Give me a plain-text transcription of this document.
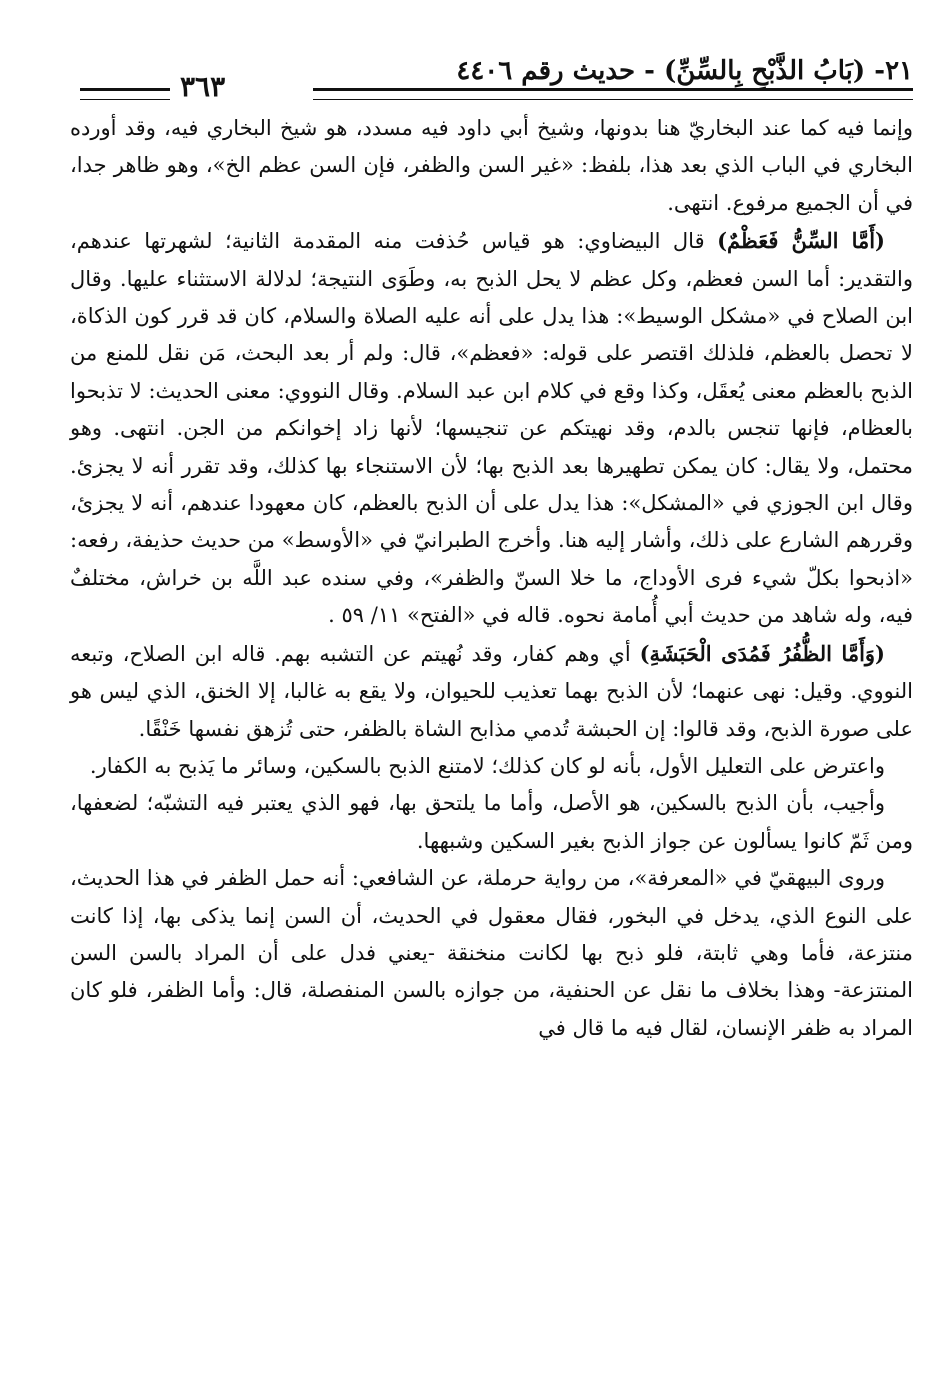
٢١- (بَابُ الذَّبْحِ بِالسِّنِّ) - حديث رقم ٤٤٠٦
٣٦٣

وإنما فيه كما عند البخاريّ هنا بدونها، وشيخ أبي داود فيه مسدد، هو شيخ البخاري فيه، وقد أورده البخاري في الباب الذي بعد هذا، بلفظ: «غير السن والظفر، فإن السن عظم الخ»، وهو ظاهر جدا، في أن الجميع مرفوع. انتهى.

(أَمَّا السِّنُّ فَعَظْمٌ) قال البيضاوي: هو قياس حُذفت منه المقدمة الثانية؛ لشهرتها عندهم، والتقدير: أما السن فعظم، وكل عظم لا يحل الذبح به، وطَوَى النتيجة؛ لدلالة الاستثناء عليها. وقال ابن الصلاح في «مشكل الوسيط»: هذا يدل على أنه عليه الصلاة والسلام، كان قد قرر كون الذكاة، لا تحصل بالعظم، فلذلك اقتصر على قوله: «فعظم»، قال: ولم أر بعد البحث، مَن نقل للمنع من الذبح بالعظم معنى يُعقَل، وكذا وقع في كلام ابن عبد السلام. وقال النووي: معنى الحديث: لا تذبحوا بالعظام، فإنها تنجس بالدم، وقد نهيتكم عن تنجيسها؛ لأنها زاد إخوانكم من الجن. انتهى. وهو محتمل، ولا يقال: كان يمكن تطهيرها بعد الذبح بها؛ لأن الاستنجاء بها كذلك، وقد تقرر أنه لا يجزئ. وقال ابن الجوزي في «المشكل»: هذا يدل على أن الذبح بالعظم، كان معهودا عندهم، أنه لا يجزئ، وقررهم الشارع على ذلك، وأشار إليه هنا. وأخرج الطبرانيّ في «الأوسط» من حديث حذيفة، رفعه: «اذبحوا بكلّ شيء فرى الأوداج، ما خلا السنّ والظفر»، وفي سنده عبد اللَّه بن خراش، مختلفٌ فيه، وله شاهد من حديث أبي أُمامة نحوه. قاله في «الفتح» ١١/ ٥٩ .

(وَأَمَّا الظُّفُرُ فَمُدَى الْحَبَشَةِ) أي وهم كفار، وقد نُهيتم عن التشبه بهم. قاله ابن الصلاح، وتبعه النووي. وقيل: نهى عنهما؛ لأن الذبح بهما تعذيب للحيوان، ولا يقع به غالبا، إلا الخنق، الذي ليس هو على صورة الذبح، وقد قالوا: إن الحبشة تُدمي مذابح الشاة بالظفر، حتى تُزهق نفسها خَنْقًا.

واعترض على التعليل الأول، بأنه لو كان كذلك؛ لامتنع الذبح بالسكين، وسائر ما يَذبح به الكفار.

وأجيب، بأن الذبح بالسكين، هو الأصل، وأما ما يلتحق بها، فهو الذي يعتبر فيه التشبّه؛ لضعفها، ومن ثَمّ كانوا يسألون عن جواز الذبح بغير السكين وشبهها.

وروى البيهقيّ في «المعرفة»، من رواية حرملة، عن الشافعي: أنه حمل الظفر في هذا الحديث، على النوع الذي، يدخل في البخور، فقال معقول في الحديث، أن السن إنما يذكى بها، إذا كانت منتزعة، فأما وهي ثابتة، فلو ذبح بها لكانت منخنقة -يعني فدل على أن المراد بالسن السن المنتزعة- وهذا بخلاف ما نقل عن الحنفية، من جوازه بالسن المنفصلة، قال: وأما الظفر، فلو كان المراد به ظفر الإنسان، لقال فيه ما قال في
